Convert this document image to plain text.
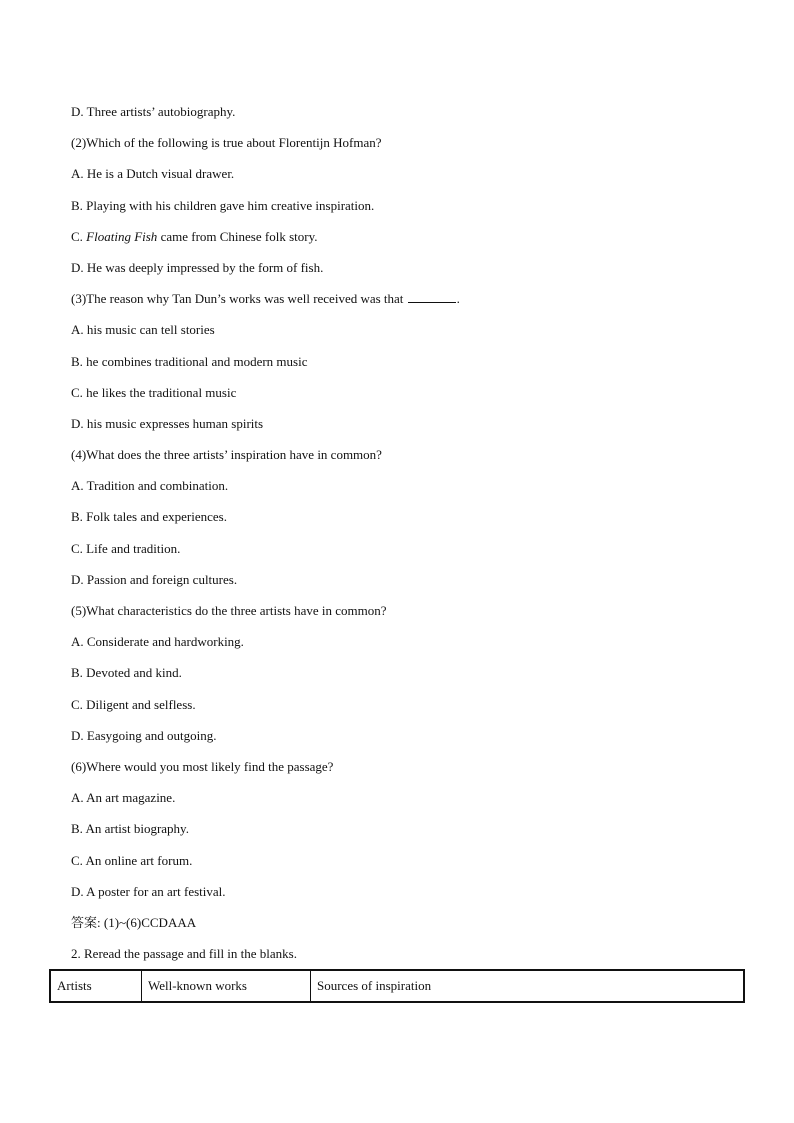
D. Three artists’ autobiography.
(2)Which of the following is true about Florentijn Hofman?
A. He is a Dutch visual drawer.
B. Playing with his children gave him creative inspiration.
C. Floating Fish came from Chinese folk story.
D. He was deeply impressed by the form of fish.
(3)The reason why Tan Dun’s works was well received was that	.
A. his music can tell stories
B. he combines traditional and modern music
C. he likes the traditional music
D. his music expresses human spirits
(4)What does the three artists’ inspiration have in common?
A. Tradition and combination.
B. Folk tales and experiences.
C. Life and tradition.
D. Passion and foreign cultures.
(5)What characteristics do the three artists have in common?
A. Considerate and hardworking.
B. Devoted and kind.
C. Diligent and selfless.
D. Easygoing and outgoing.
(6)Where would you most likely find the passage?
A. An art magazine.
B. An artist biography.
C. An online art forum.
D. A poster for an art festival.
答案: (1)~(6)CCDAAA
2. Reread the passage and fill in the blanks.
Artists	Well-known works	Sources of inspiration
